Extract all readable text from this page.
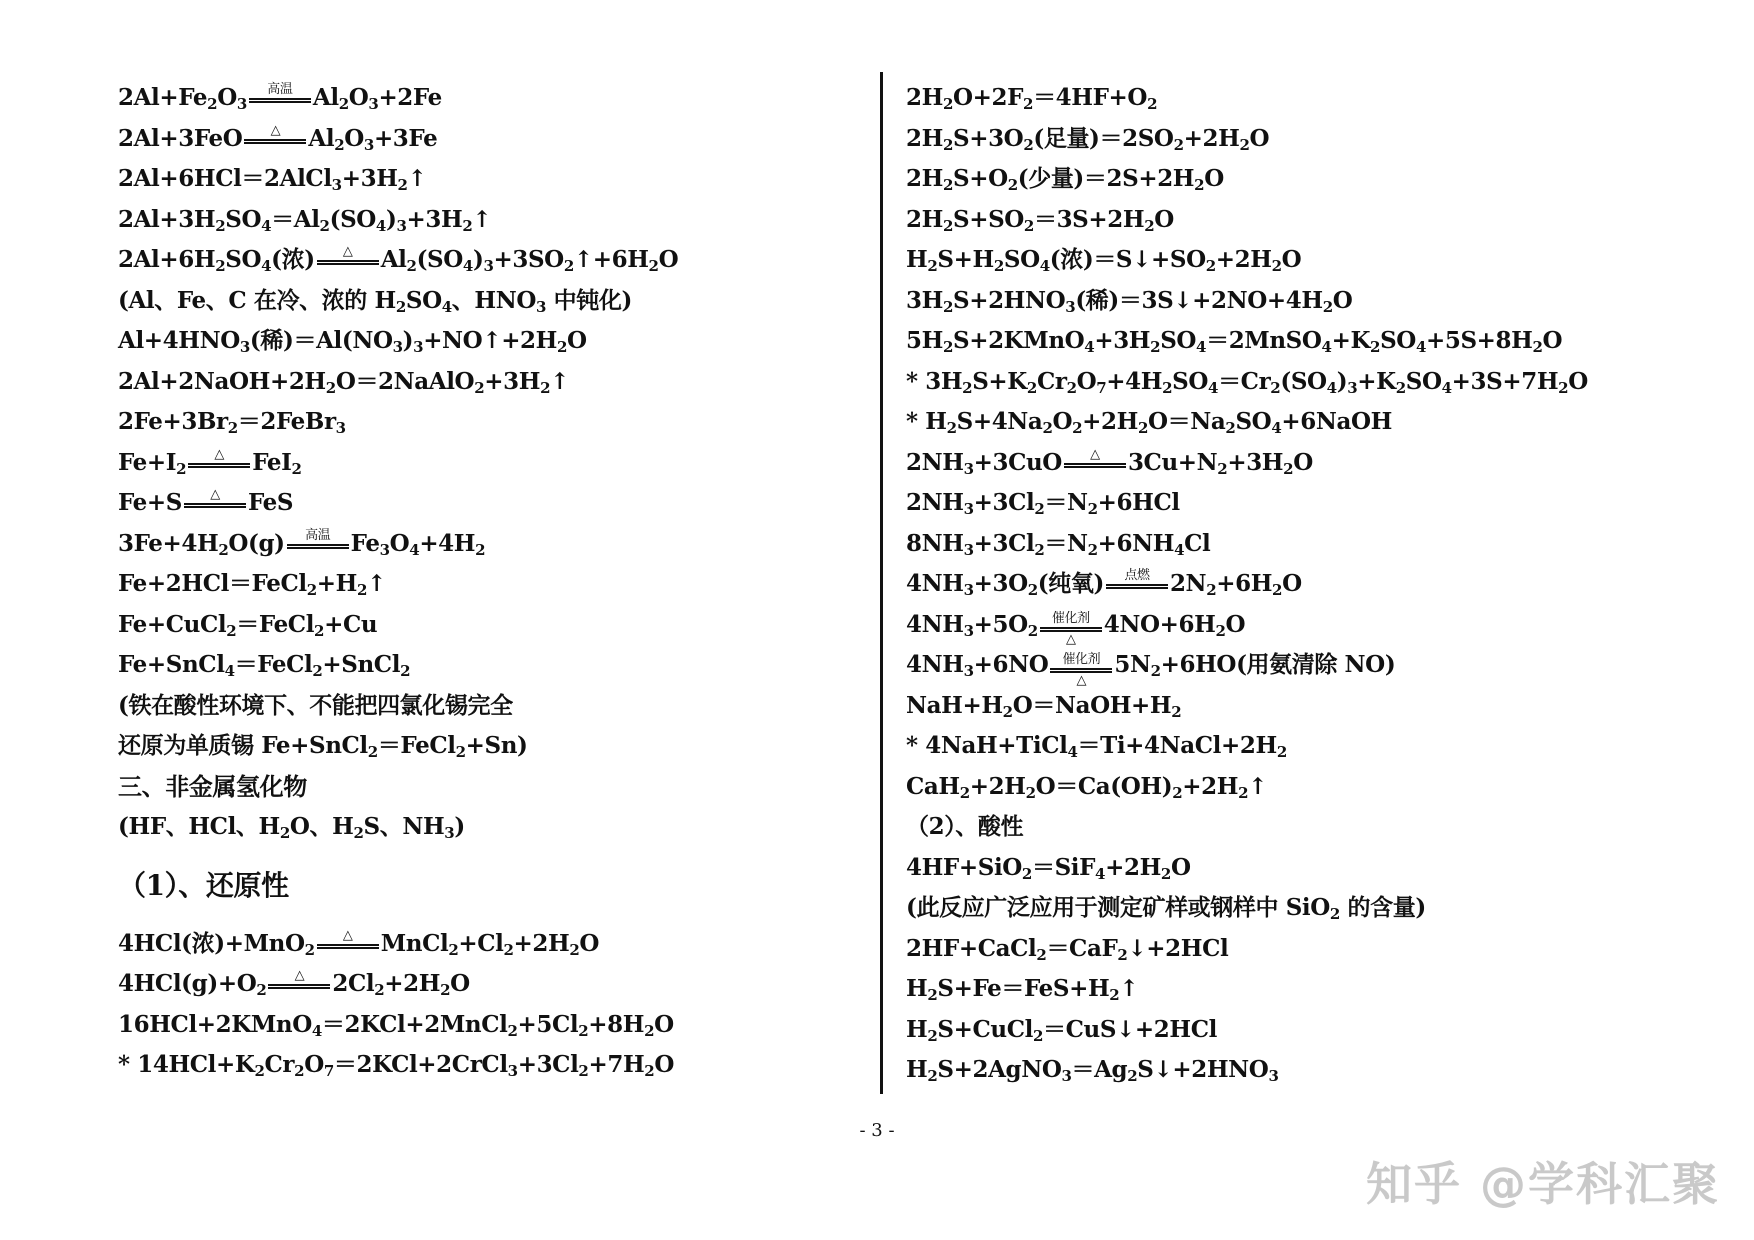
$2Al+Fe_2O_3$
高温 $Al_2O_3+2Fe$
2Al+3FeO △ $Al_2O_3+3Fe$
$2Al+6HCl=2AlCl_3+3H_2↑$
$2Al+3H_2SO_4=Al_2(SO_4)_3+3H_2↑$
$2Al+6H_2SO_4$(浓) △ $Al_2(SO_4)_3+3SO_2↑+6H_2O$
(Al、Fe、C 在冷、浓的 $H_2SO_4$、$HNO_3$ 中钝化)
$Al+4HNO_3$(稀)$=Al(NO_3)_3+NO↑+2H_2O$
$2Al+2NaOH+2H_2O=2NaAlO_2+3H_2↑$
$2Fe+3Br_2=2FeBr_3$
$Fe+I_2$
△ FeI$_2$
Fe+S △ FeS
$3Fe+4H_2O(g)$ 高温 $Fe_3O_4+4H_2$
$Fe+2HCl=FeCl_2+H_2↑$
Fe+CuCl$_2$＝FeCl$_2$+Cu
Fe+SnCl$_4$＝FeCl$_2$+SnCl$_2$
(铁在酸性环境下、不能把四氯化锡完全
还原为单质锡 Fe+SnCl$_2$＝FeCl$_2$+Sn)
三、非金属氢化物
(HF、HCl、$H_2O$、$H_2S$、$NH_3$)
（1）、还原性
4HCl(浓)+MnO$_2$
△ $MnCl_2+Cl_2+2H_2O$
$4HCl(g)+O_2$
△ $2Cl_2+2H_2O$
$16HCl+2KMnO_4=2KCl+2MnCl_2+5Cl_2+8H_2O$
* $14HCl+K_2Cr_2O_7=2KCl+2CrCl_3+3Cl_2+7H_2O$
$2H_2O+2F_2=4HF+O_2$
$2H_2S+3O_2$(足量)$=2SO_2+2H_2O$
$2H_2S+O_2$(少量)$=2S+2H_2O$
$2H_2S+SO_2=3S+2H_2O$
$H_2S+H_2SO_4$(浓)$=S↓+SO_2+2H_2O$
$3H_2S+2HNO_3$(稀)$=3S↓+2NO+4H_2O$
$5H_2S+2KMnO_4+3H_2SO_4=2MnSO_4+K_2SO_4+5S+8H_2O$
* $3H_2S+K_2Cr_2O_7+4H_2SO_4=Cr_2(SO_4)_3+K_2SO_4+3S+7H_2O$
* $H_2S+4Na_2O_2+2H_2O=Na_2SO_4+6NaOH$
$2NH_3+3CuO$ △ $3Cu+N_2+3H_2O$
$2NH_3+3Cl_2=N_2+6HCl$
$8NH_3+3Cl_2=N_2+6NH_4Cl$
$4NH_3+3O_2$(纯氧) 点燃 $2N_2+6H_2O$
$4NH_3+5O_2$
催化剂
△
$4NO+6H_2O$
$4NH_3+6NO$ 催化剂
△
$5N_2+6HO$(用氨清除 NO)
$NaH+H_2O=NaOH+H_2$
* $4NaH+TiCl_4=Ti+4NaCl+2H_2$
$CaH_2+2H_2O=Ca(OH)_2+2H_2↑$
（2）、酸性
$4HF+SiO_2=SiF_4+2H_2O$
(此反应广泛应用于测定矿样或钢样中 SiO$_2$ 的含量)
2HF+CaCl$_2$＝CaF$_2$↓+2HCl
$H_2S+Fe=FeS+H_2↑$
$H_2S+CuCl_2=CuS↓+2HCl$
$H_2S+2AgNO_3=Ag_2S↓+2HNO_3$
- 3 -
知乎 @学科汇聚
